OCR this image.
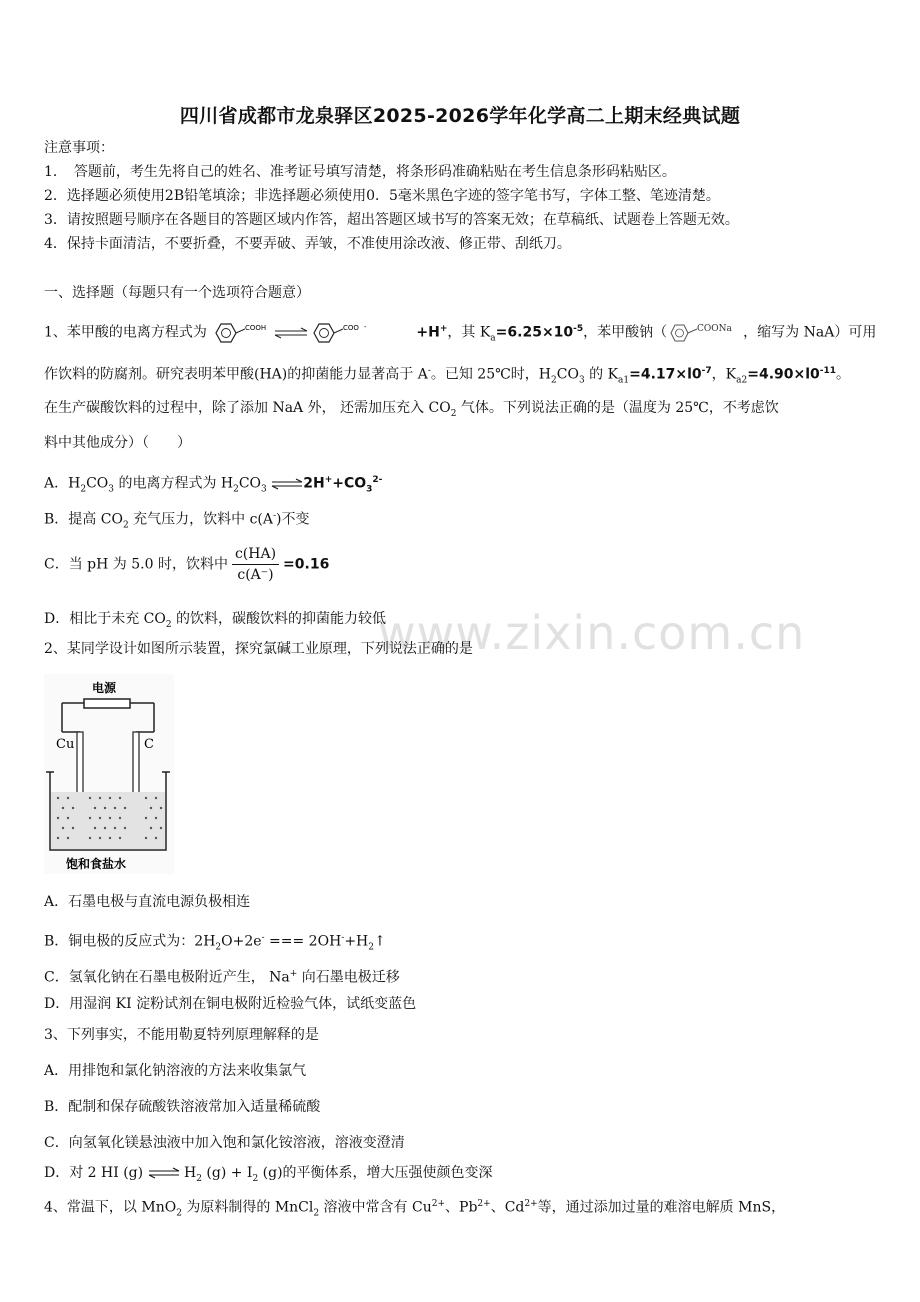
四川省成都市龙泉驿区2025-2026学年化学高二上期末经典试题
注意事项：
1．　答题前，考生先将自己的姓名、准考证号填写清楚，将条形码准确粘贴在考生信息条形码粘贴区。
2．选择题必须使用2B铅笔填涂；非选择题必须使用0．5毫米黑色字迹的签字笔书写，字体工整、笔迹清楚。
3．请按照题号顺序在各题目的答题区域内作答，超出答题区域书写的答案无效；在草稿纸、试题卷上答题无效。
4．保持卡面清洁，不要折叠，不要弄破、弄皱，不准使用涂改液、修正带、刮纸刀。
一、选择题（每题只有一个选项符合题意）
1、苯甲酸的电离方程式为	COOH	COO -	+H+，其 $K_a=6.25\times 10^{-5}$，苯甲酸钠（	COONa ，缩写为 NaA）可用
作饮料的防腐剂。研究表明苯甲酸(HA)的抑菌能力显著高于 A-。已知 25℃时，$H_2CO_3$ 的 $K_{a1}=4.17\times l0^{-7}$，$K_{a2}=4.90\times l0^{-11}$。
在生产碳酸饮料的过程中，除了添加 NaA 外， 还需加压充入 $CO_2$ 气体。下列说法正确的是（温度为 25℃，不考虑饮
料中其他成分）（　　）
A．$H_2CO_3$ 的电离方程式为 $H_2CO_3$ $\rightleftharpoons 2H^++CO_3^{2-}$
B．提高 $CO_2$ 充气压力，饮料中 c(A-)不变
C．当 pH 为 5.0 时，饮料中 $\frac{c(HA)}{c(A^-)} =0.16$
D．相比于未充 $CO_2$ 的饮料，碳酸饮料的抑菌能力较低
www.zixin.com.cn
2、某同学设计如图所示装置，探究氯碱工业原理，下列说法正确的是
电源
Cu	C
饱和食盐水
A．石墨电极与直流电源负极相连
B．铜电极的反应式为：$2H_2O+2e^-$ === $2OH^-+H_2↑$
C．氢氧化钠在石墨电极附近产生， Na+ 向石墨电极迁移
D．用湿润 KI 淀粉试剂在铜电极附近检验气体，试纸变蓝色
3、下列事实，不能用勒夏特列原理解释的是
A．用排饱和氯化钠溶液的方法来收集氯气
B．配制和保存硫酸铁溶液常加入适量稀硫酸
C．向氢氧化镁悬浊液中加入饱和氯化铵溶液，溶液变澄清
D．对 2 HI (g) ⇌ $H_2$ $(g) + I_2$ (g)的平衡体系，增大压强使颜色变深
4、常温下，以 MnO$_2$ 为原料制得的 MnCl$_2$ 溶液中常含有 $Cu^{2+}$、$Pb^{2+}$、$Cd^{2+}$等，通过添加过量的难溶电解质 MnS，
